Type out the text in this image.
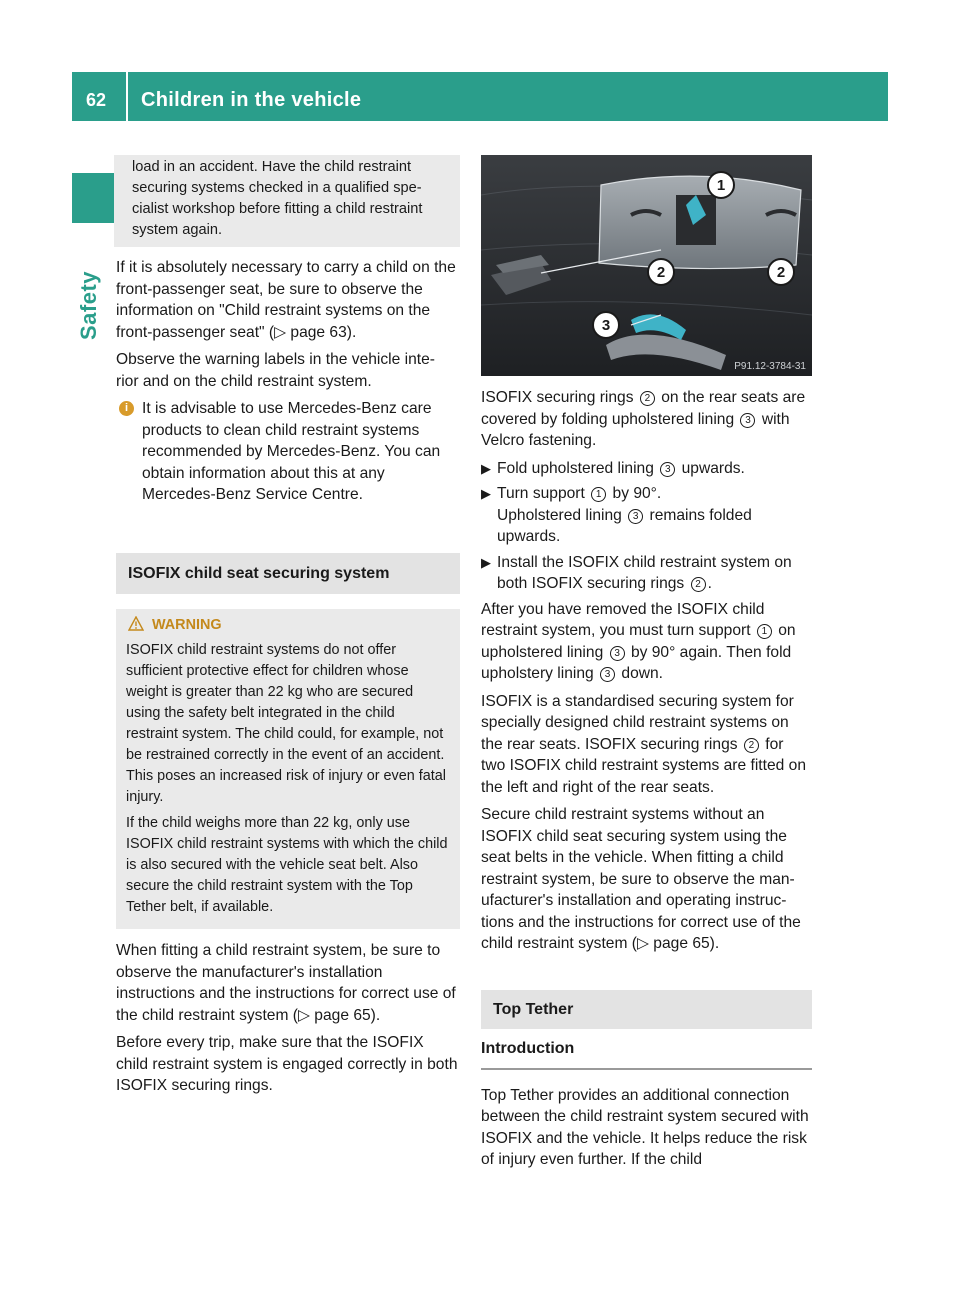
62 Children in the vehicle
Safety

load in an accident. Have the child restraint securing systems checked in a qualified spe- cialist workshop before fitting a child restraint system again.

If it is absolutely necessary to carry a child on the front-passenger seat, be sure to observe the information on "Child restraint systems on the front-passenger seat" (▷ page 63).

Observe the warning labels in the vehicle inte- rior and on the child restraint system.

i It is advisable to use Mercedes-Benz care products to clean child restraint systems recommended by Mercedes-Benz. You can obtain information about this at any Mercedes-Benz Service Centre.
ISOFIX child seat securing system
WARNING

ISOFIX child restraint systems do not offer sufficient protective effect for children whose weight is greater than 22 kg who are secured using the safety belt integrated in the child restraint system. The child could, for example, not be restrained correctly in the event of an accident. This poses an increased risk of injury or even fatal injury.

If the child weighs more than 22 kg, only use ISOFIX child restraint systems with which the child is also secured with the vehicle seat belt. Also secure the child restraint system with the Top Tether belt, if available.

When fitting a child restraint system, be sure to observe the manufacturer's installation instructions and the instructions for correct use of the child restraint system (▷ page 65).

Before every trip, make sure that the ISOFIX child restraint system is engaged correctly in both ISOFIX securing rings.

1
2	2
3
P91.12-3784-31

ISOFIX securing rings 2 on the rear seats are covered by folding upholstered lining 3 with Velcro fastening.

▶ Fold upholstered lining 3 upwards.
▶ Turn support 1 by 90°.
Upholstered lining 3 remains folded upwards.
▶ Install the ISOFIX child restraint system on both ISOFIX securing rings 2 .

After you have removed the ISOFIX child restraint system, you must turn support 1 on upholstered lining 3 by 90° again. Then fold upholstery lining 3 down.

ISOFIX is a standardised securing system for specially designed child restraint systems on the rear seats. ISOFIX securing rings 2 for two ISOFIX child restraint systems are fitted on the left and right of the rear seats.

Secure child restraint systems without an ISOFIX child seat securing system using the seat belts in the vehicle. When fitting a child restraint system, be sure to observe the man- ufacturer's installation and operating instruc- tions and the instructions for correct use of the child restraint system (▷ page 65).

Top Tether
Introduction

Top Tether provides an additional connection between the child restraint system secured with ISOFIX and the vehicle. It helps reduce the risk of injury even further. If the child
